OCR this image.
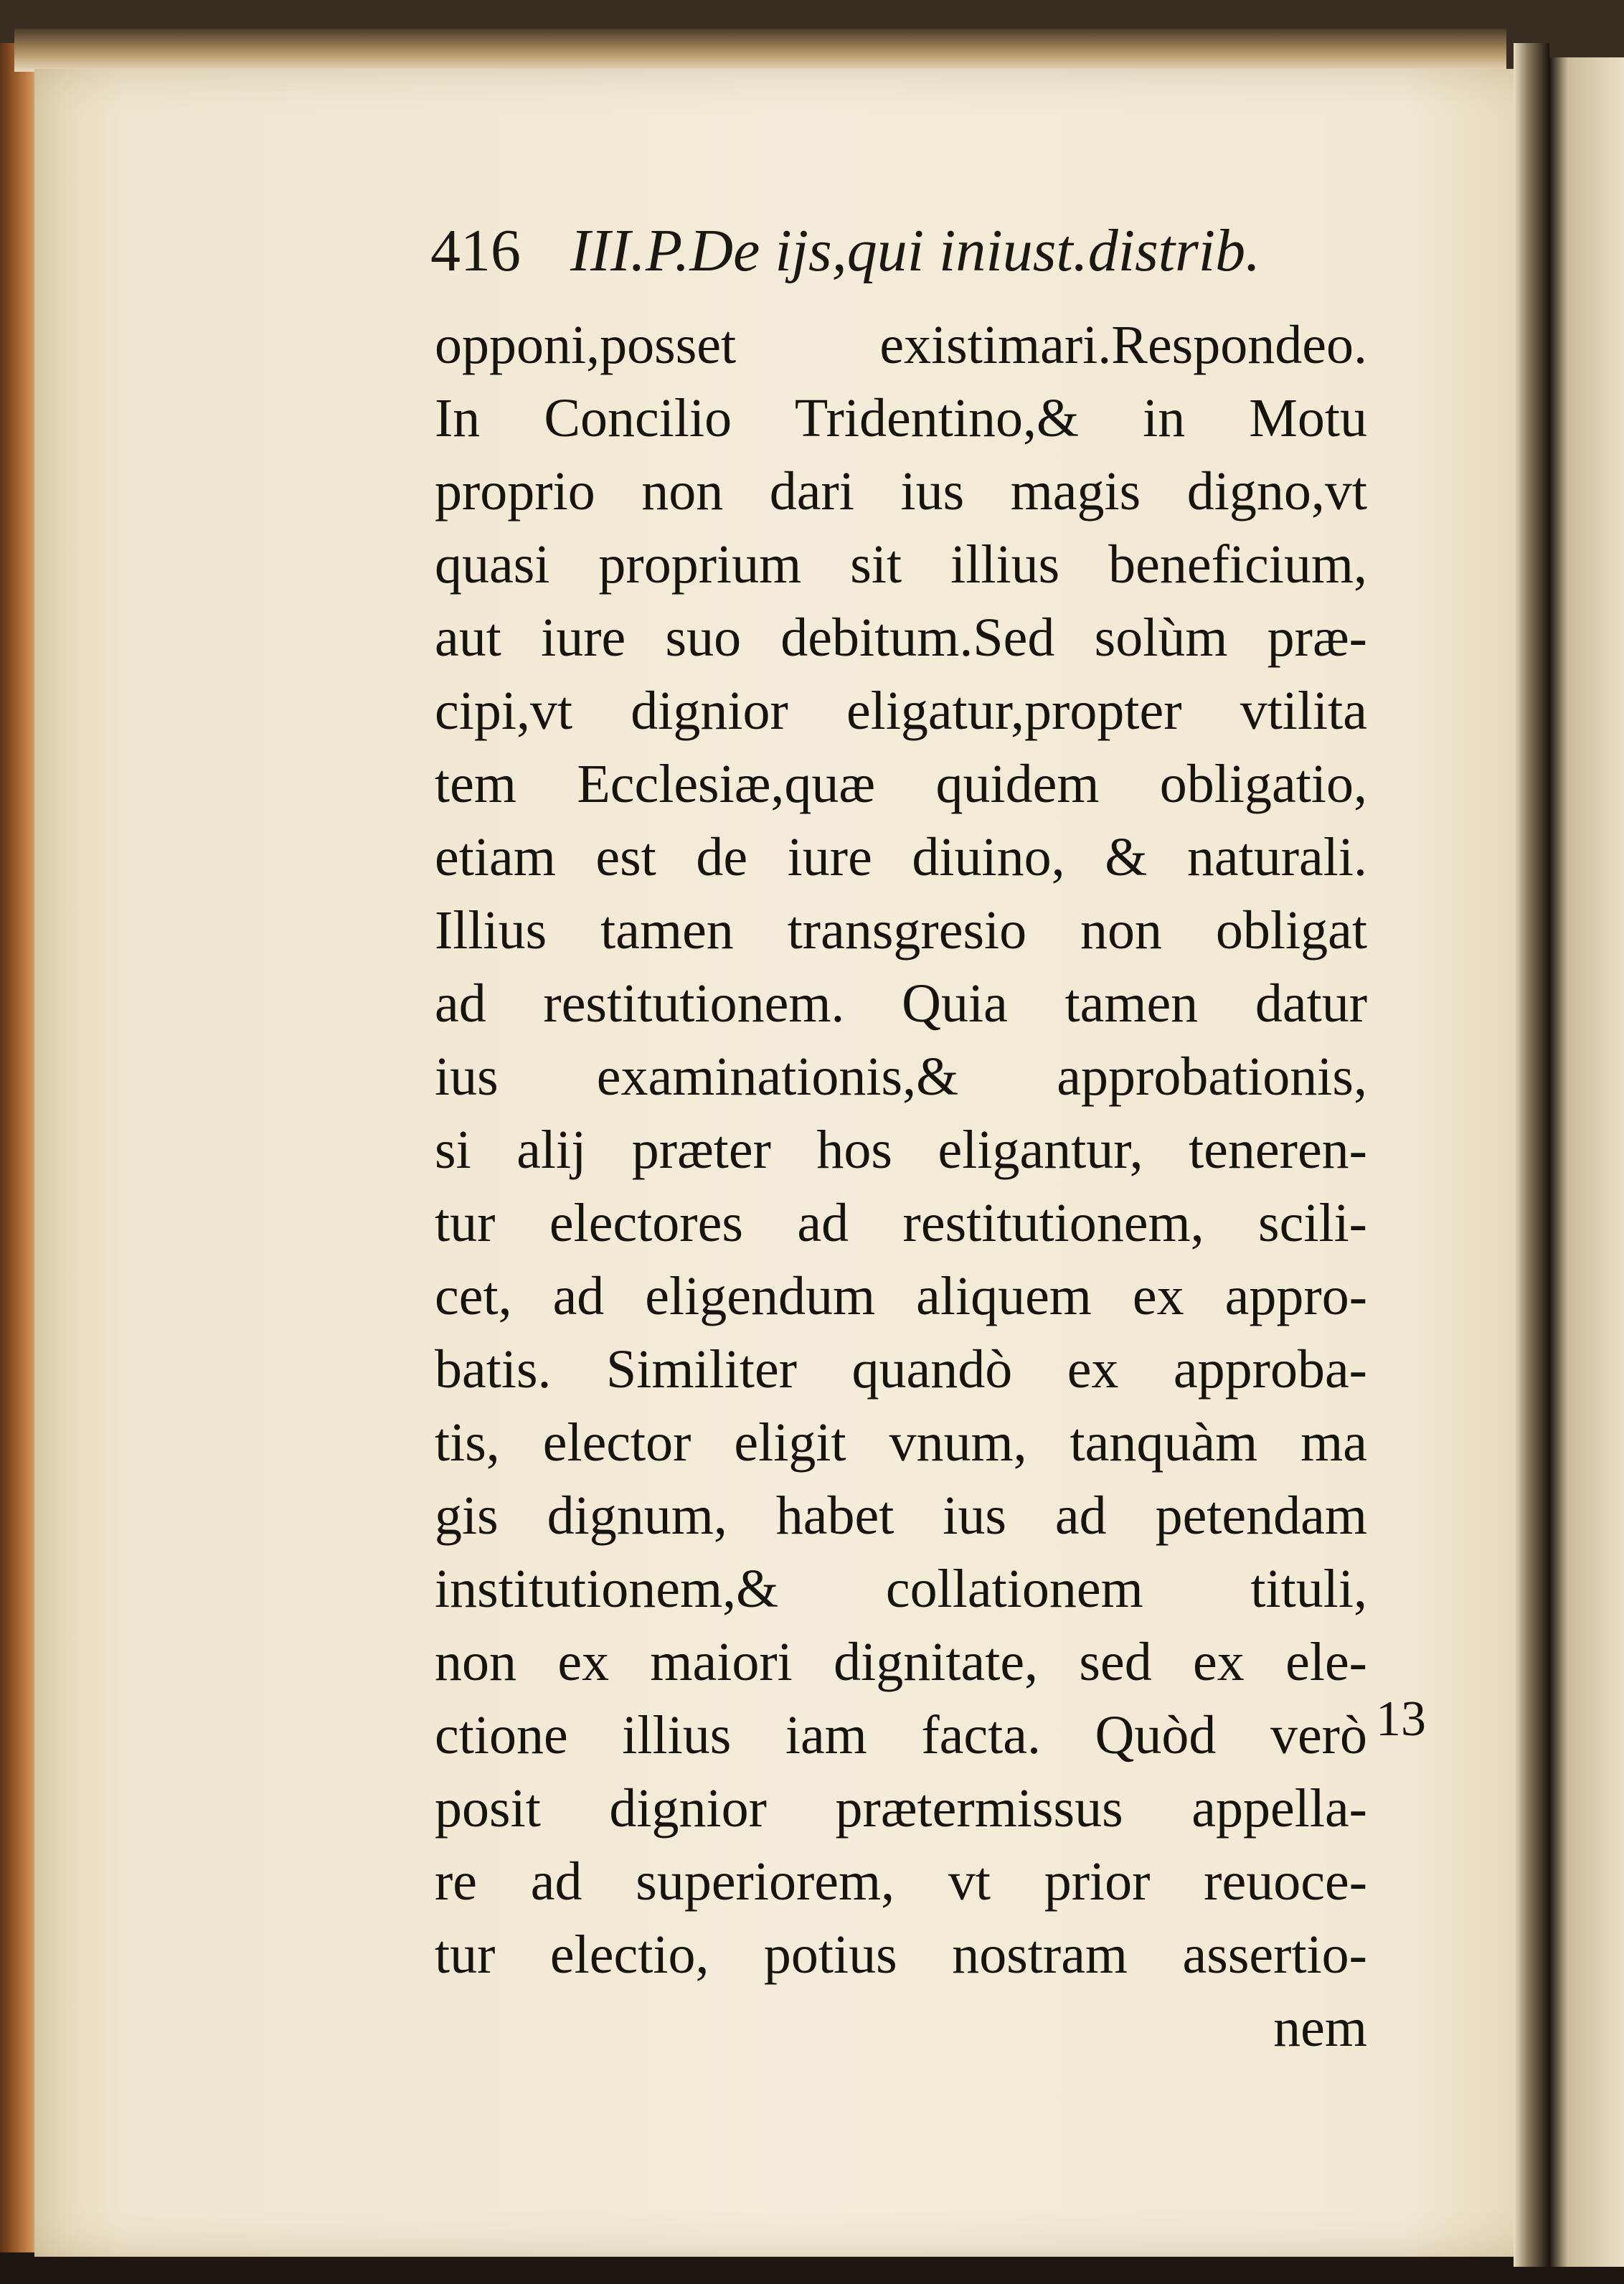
416 III.P.De ijs,qui iniust.distrib.
opponi,posset existimari.Respondeo.
In Concilio Tridentino,& in Motu
proprio non dari ius magis digno,vt
quasi proprium sit illius beneficium,
aut iure suo debitum.Sed solùm præ-
cipi,vt dignior eligatur,propter vtilita
tem Ecclesiæ,quæ quidem obligatio,
etiam est de iure diuino, & naturali.
Illius tamen transgresio non obligat
ad restitutionem. Quia tamen datur
ius examinationis,& approbationis,
si alij præter hos eligantur, teneren-
tur electores ad restitutionem, scili-
cet, ad eligendum aliquem ex appro-
batis. Similiter quandò ex approba-
tis, elector eligit vnum, tanquàm ma
gis dignum, habet ius ad petendam
institutionem,& collationem tituli,
non ex maiori dignitate, sed ex ele-
ctione illius iam facta. Quòd verò
posit dignior prætermissus appella-
re ad superiorem, vt prior reuoce-
tur electio, potius nostram assertio-
nem
13
